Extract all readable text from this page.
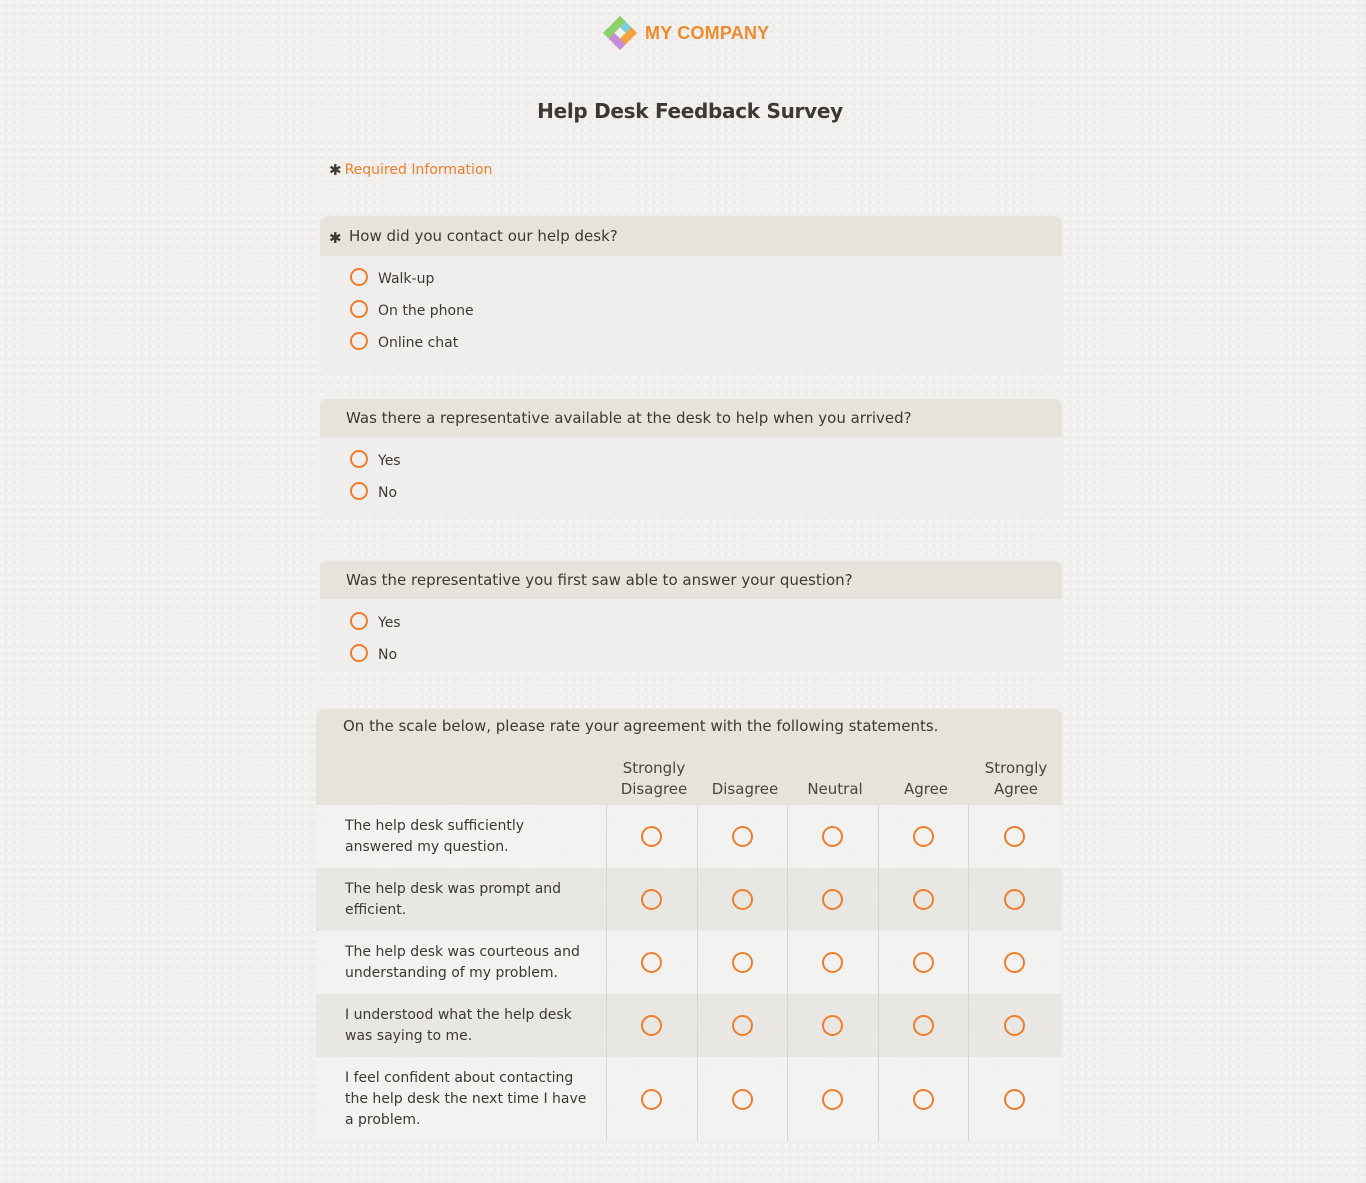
MY COMPANY
Help Desk Feedback Survey
✱ Required Information
✱ How did you contact our help desk?
Walk-up
On the phone
Online chat
Was there a representative available at the desk to help when you arrived?
Yes
No
Was the representative you first saw able to answer your question?
Yes
No
On the scale below, please rate your agreement with the following statements.
Strongly
Disagree Disagree Neutral	Agree
Strongly
Agree
The help desk sufficiently answered my question.
The help desk was prompt and efficient.
The help desk was courteous and understanding of my problem.
I understood what the help desk was saying to me.
I feel confident about contacting the help desk the next time I have a problem.
